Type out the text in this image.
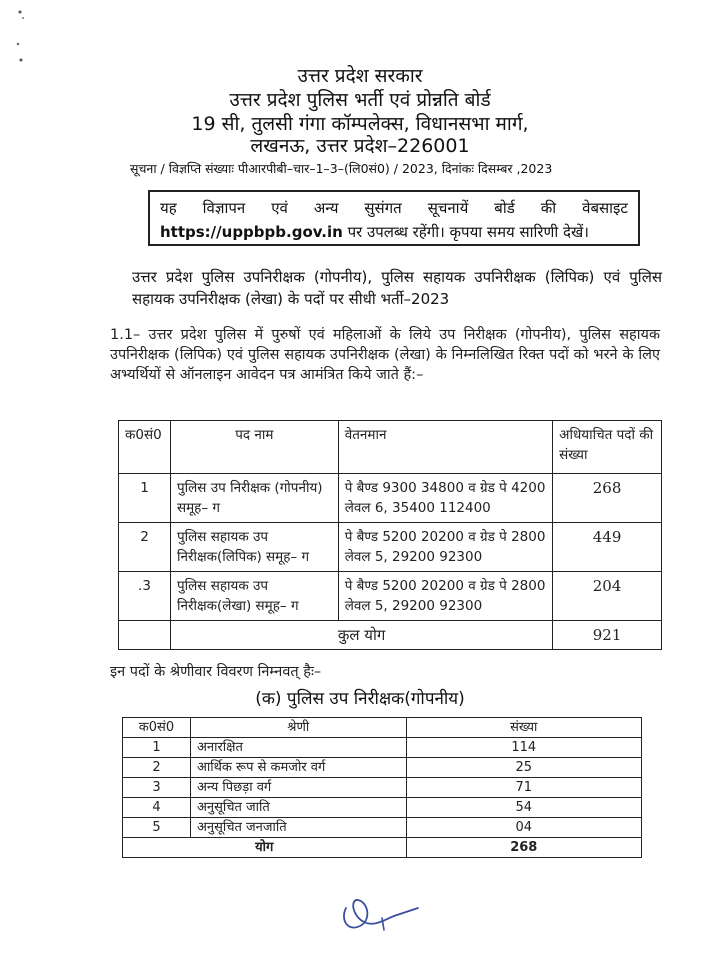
उत्तर प्रदेश सरकार
उत्तर प्रदेश पुलिस भर्ती एवं प्रोन्नति बोर्ड
19 सी, तुलसी गंगा कॉम्पलेक्स, विधानसभा मार्ग,
लखनऊ, उत्तर प्रदेश–226001
सूचना / विज्ञप्ति संख्याः पीआरपीबी–चार–1–3–(लि0सं0) / 2023, दिनांकः दिसम्बर ,2023
यह विज्ञापन एवं अन्य सुसंगत सूचनायें बोर्ड की वेबसाइट
https://uppbpb.gov.in पर उपलब्ध रहेंगी। कृपया समय सारिणी देखें।
उत्तर प्रदेश पुलिस उपनिरीक्षक (गोपनीय), पुलिस सहायक उपनिरीक्षक (लिपिक) एवं पुलिस सहायक उपनिरीक्षक (लेखा) के पदों पर सीधी भर्ती–2023
1.1– उत्तर प्रदेश पुलिस में पुरुषों एवं महिलाओं के लिये उप निरीक्षक (गोपनीय), पुलिस सहायक उपनिरीक्षक (लिपिक) एवं पुलिस सहायक उपनिरीक्षक (लेखा) के निम्नलिखित रिक्त पदों को भरने के लिए अभ्यर्थियों से ऑनलाइन आवेदन पत्र आमंत्रित किये जाते हैं:–
क0सं0	पद नाम	वेतनमान	अधियाचित पदों की संख्या
1	पुलिस उप निरीक्षक (गोपनीय) समूह– ग	पे बैण्ड 9300 34800 व ग्रेड पे 4200 लेवल 6, 35400 112400	268
2	पुलिस सहायक उप निरीक्षक(लिपिक) समूह– ग	पे बैण्ड 5200 20200 व ग्रेड पे 2800 लेवल 5, 29200 92300	449
.3	पुलिस सहायक उप निरीक्षक(लेखा) समूह– ग	पे बैण्ड 5200 20200 व ग्रेड पे 2800 लेवल 5, 29200 92300	204
	कुल योग		921
इन पदों के श्रेणीवार विवरण निम्नवत् हैः–
(क) पुलिस उप निरीक्षक(गोपनीय)
क0सं0	श्रेणी	संख्या
1	अनारक्षित	114
2	आर्थिक रूप से कमजोर वर्ग	25
3	अन्य पिछड़ा वर्ग	71
4	अनुसूचित जाति	54
5	अनुसूचित जनजाति	04
योग		268
